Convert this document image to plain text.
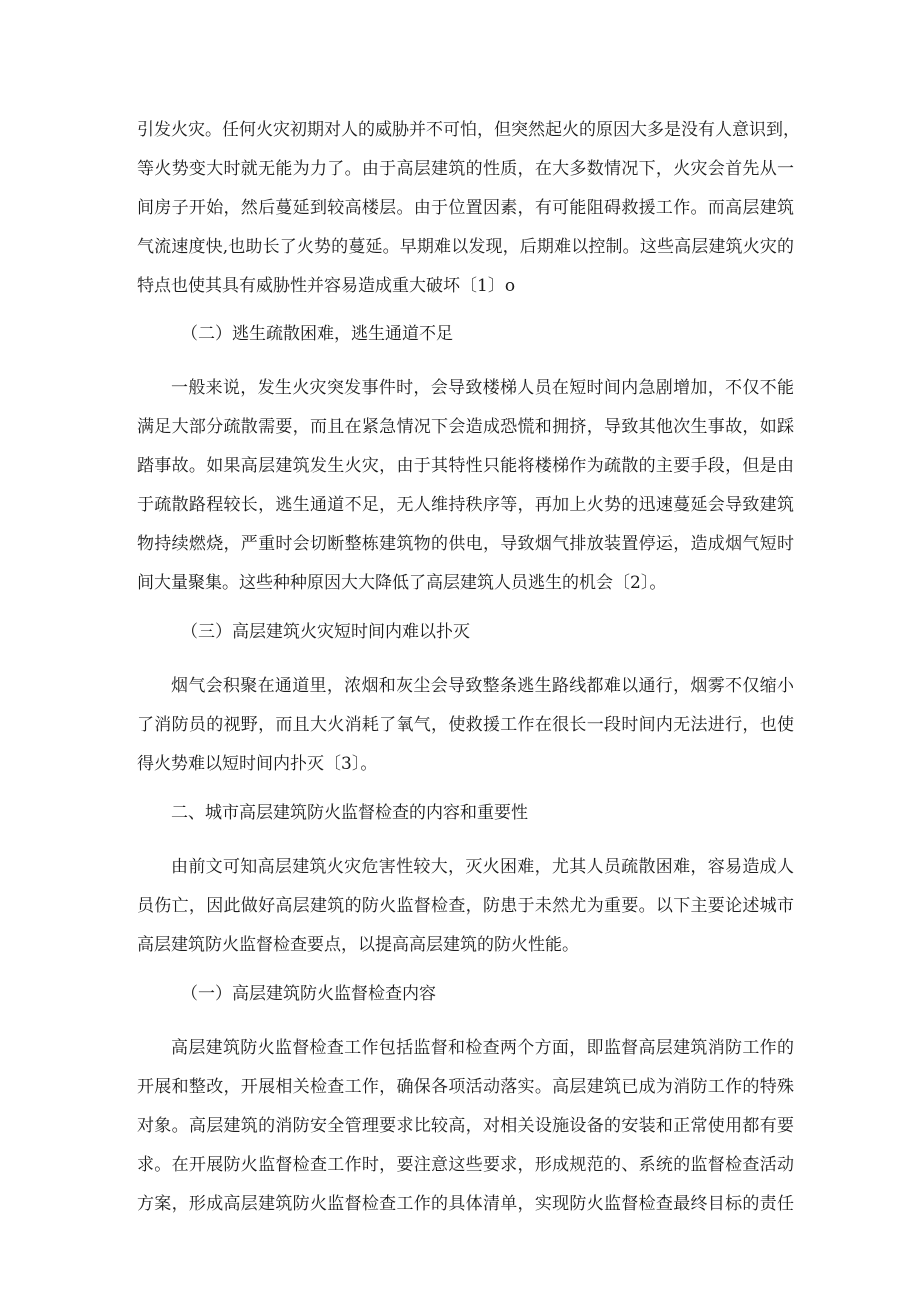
引发火灾。任何火灾初期对人的威胁并不可怕，但突然起火的原因大多是没有人意识到，
等火势变大时就无能为力了。由于高层建筑的性质，在大多数情况下，火灾会首先从一
间房子开始，然后蔓延到较高楼层。由于位置因素，有可能阻碍救援工作。而高层建筑
气流速度快,也助长了火势的蔓延。早期难以发现，后期难以控制。这些高层建筑火灾的
特点也使其具有威胁性并容易造成重大破坏〔1〕o
（二）逃生疏散困难，逃生通道不足
一般来说，发生火灾突发事件时，会导致楼梯人员在短时间内急剧增加，不仅不能
满足大部分疏散需要，而且在紧急情况下会造成恐慌和拥挤，导致其他次生事故，如踩
踏事故。如果高层建筑发生火灾，由于其特性只能将楼梯作为疏散的主要手段，但是由
于疏散路程较长，逃生通道不足，无人维持秩序等，再加上火势的迅速蔓延会导致建筑
物持续燃烧，严重时会切断整栋建筑物的供电，导致烟气排放装置停运，造成烟气短时
间大量聚集。这些种种原因大大降低了高层建筑人员逃生的机会〔2〕。
（三）高层建筑火灾短时间内难以扑灭
烟气会积聚在通道里，浓烟和灰尘会导致整条逃生路线都难以通行，烟雾不仅缩小
了消防员的视野，而且大火消耗了氧气，使救援工作在很长一段时间内无法进行，也使
得火势难以短时间内扑灭〔3〕。
二、城市高层建筑防火监督检查的内容和重要性
由前文可知高层建筑火灾危害性较大，灭火困难，尤其人员疏散困难，容易造成人
员伤亡，因此做好高层建筑的防火监督检查，防患于未然尤为重要。以下主要论述城市
高层建筑防火监督检查要点，以提高高层建筑的防火性能。
（一）高层建筑防火监督检查内容
高层建筑防火监督检查工作包括监督和检查两个方面，即监督高层建筑消防工作的
开展和整改，开展相关检查工作，确保各项活动落实。高层建筑已成为消防工作的特殊
对象。高层建筑的消防安全管理要求比较高，对相关设施设备的安装和正常使用都有要
求。在开展防火监督检查工作时，要注意这些要求，形成规范的、系统的监督检查活动
方案，形成高层建筑防火监督检查工作的具体清单，实现防火监督检查最终目标的责任
